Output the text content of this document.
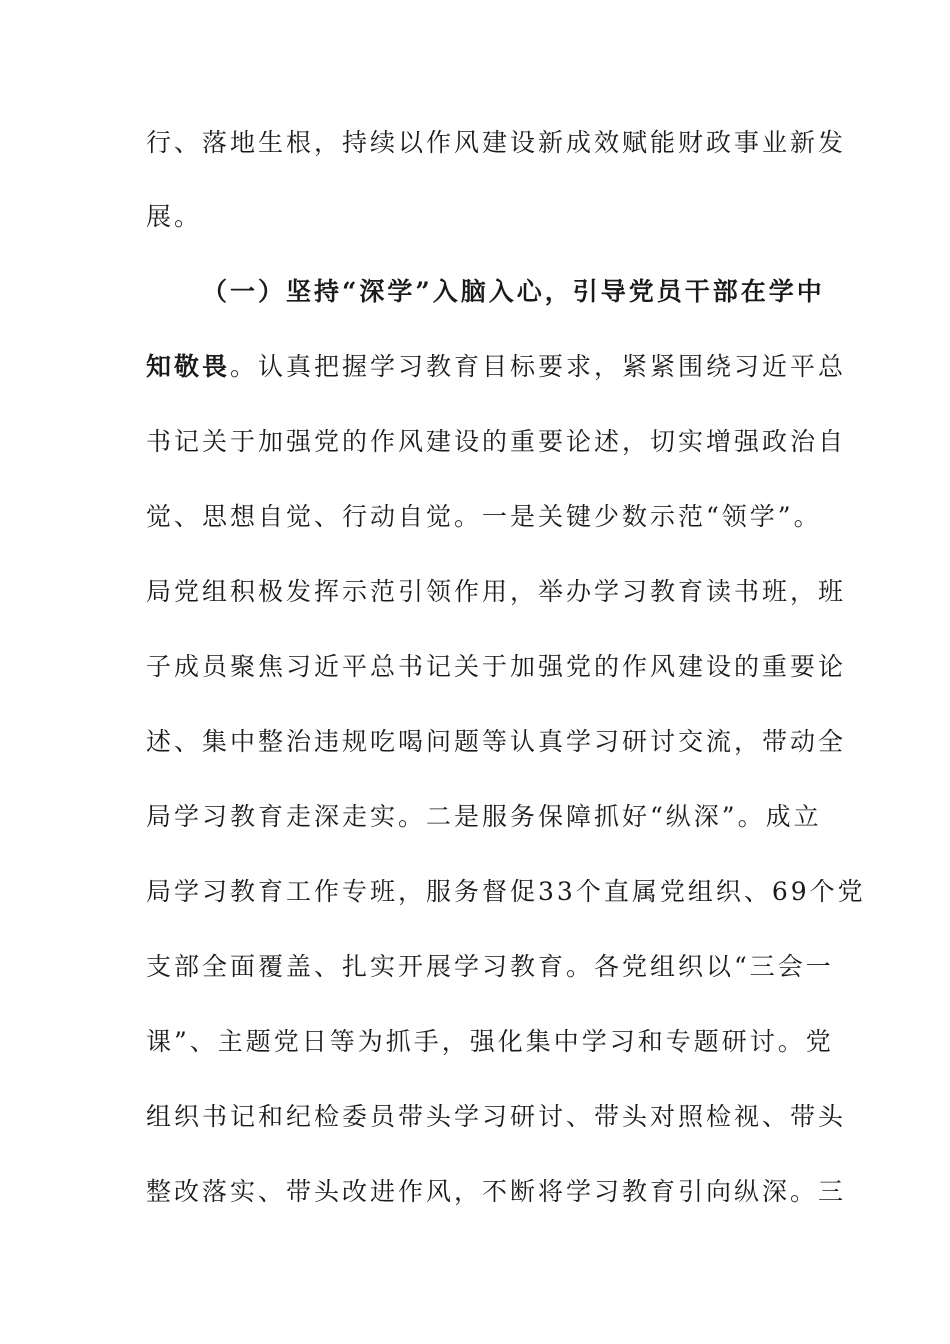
行、落地生根，持续以作风建设新成效赋能财政事业新发
展。
（一）坚持“深学”入脑入心，引导党员干部在学中
知敬畏。认真把握学习教育目标要求，紧紧围绕习近平总
书记关于加强党的作风建设的重要论述，切实增强政治自
觉、思想自觉、行动自觉。一是关键少数示范“领学”。
局党组积极发挥示范引领作用，举办学习教育读书班，班
子成员聚焦习近平总书记关于加强党的作风建设的重要论
述、集中整治违规吃喝问题等认真学习研讨交流，带动全
局学习教育走深走实。二是服务保障抓好“纵深”。成立
局学习教育工作专班，服务督促33个直属党组织、69个党
支部全面覆盖、扎实开展学习教育。各党组织以“三会一
课”、主题党日等为抓手，强化集中学习和专题研讨。党
组织书记和纪检委员带头学习研讨、带头对照检视、带头
整改落实、带头改进作风，不断将学习教育引向纵深。三
